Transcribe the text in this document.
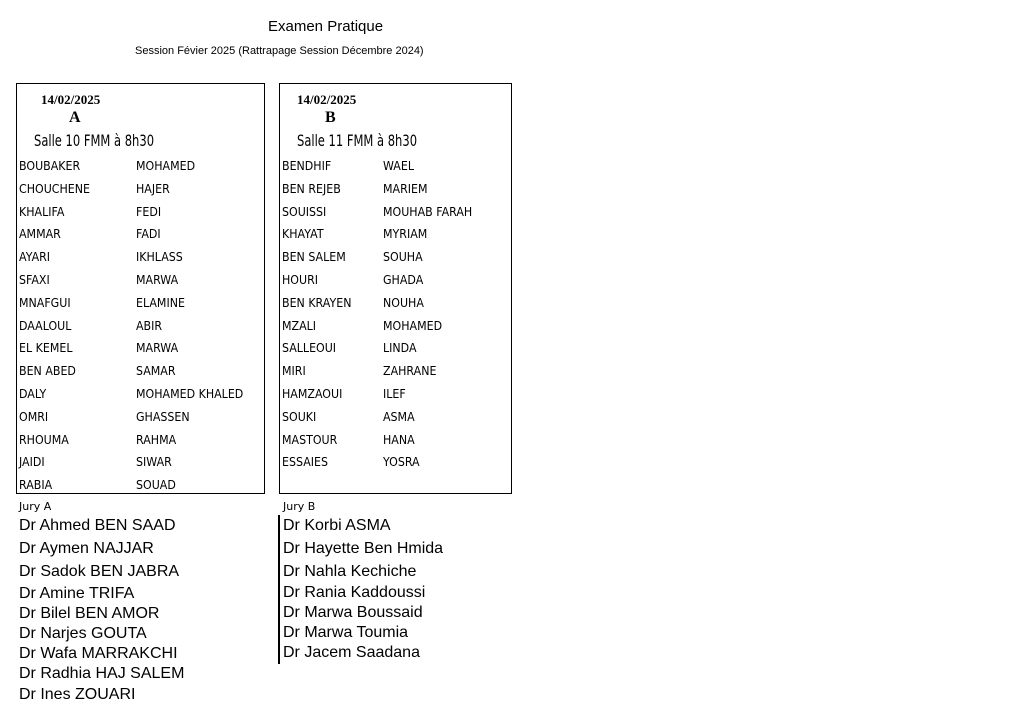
Examen Pratique
Session Févier 2025 (Rattrapage Session Décembre 2024)
14/02/2025
A
Salle 10 FMM à 8h30
BOUBAKER	MOHAMED
CHOUCHENE	HAJER
KHALIFA	FEDI
AMMAR	FADI
AYARI	IKHLASS
SFAXI	MARWA
MNAFGUI	ELAMINE
DAALOUL	ABIR
EL KEMEL	MARWA
BEN ABED	SAMAR
DALY	MOHAMED KHALED
OMRI	GHASSEN
RHOUMA	RAHMA
JAIDI	SIWAR
RABIA	SOUAD
14/02/2025
B
Salle 11 FMM à 8h30
BENDHIF	WAEL
BEN REJEB	MARIEM
SOUISSI	MOUHAB FARAH
KHAYAT	MYRIAM
BEN SALEM	SOUHA
HOURI	GHADA
BEN KRAYEN	NOUHA
MZALI	MOHAMED
SALLEOUI	LINDA
MIRI	ZAHRANE
HAMZAOUI	ILEF
SOUKI	ASMA
MASTOUR	HANA
ESSAIES	YOSRA
Jury A	Jury B
Dr Ahmed BEN SAAD
Dr Aymen NAJJAR
Dr Sadok BEN JABRA
Dr Amine TRIFA
Dr Bilel BEN AMOR
Dr Narjes GOUTA
Dr Wafa MARRAKCHI
Dr Radhia HAJ SALEM
Dr Ines ZOUARI
Dr Korbi ASMA
Dr Hayette Ben Hmida
Dr Nahla Kechiche
Dr Rania Kaddoussi
Dr Marwa Boussaid
Dr Marwa Toumia
Dr Jacem Saadana
